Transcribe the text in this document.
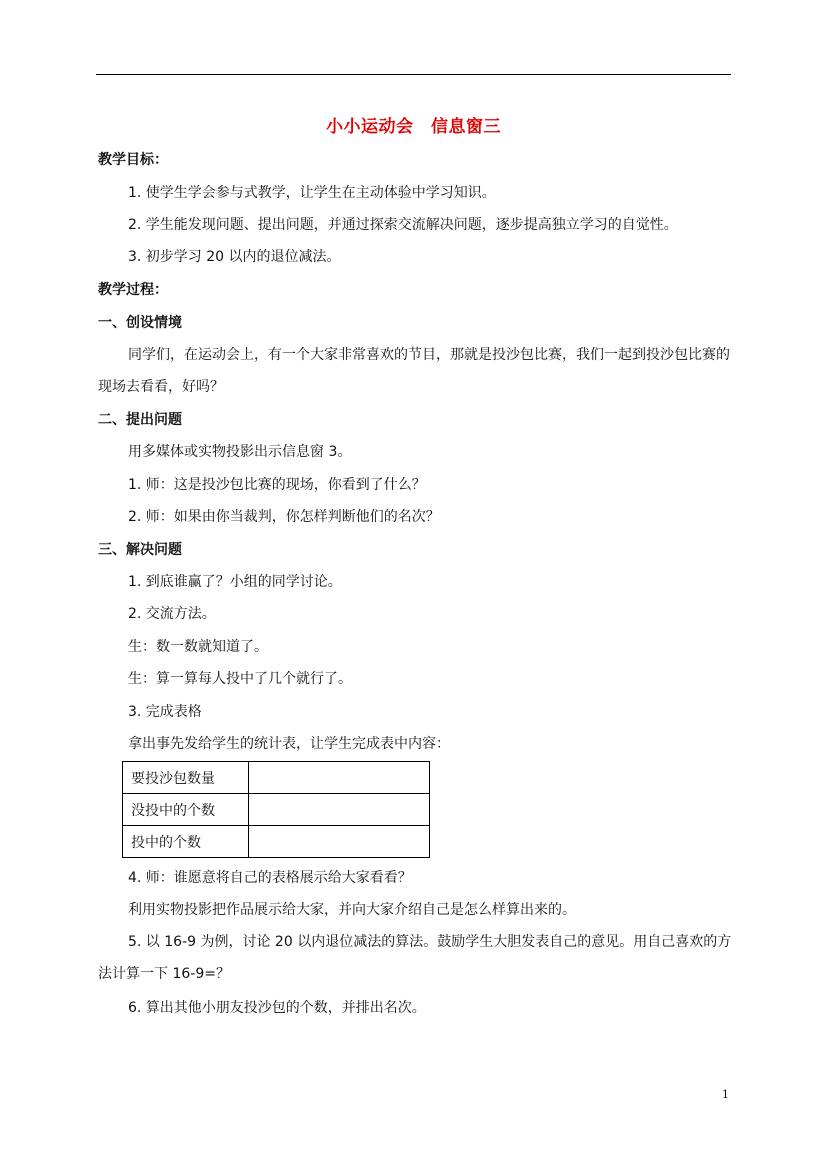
小小运动会　信息窗三
教学目标：
1. 使学生学会参与式教学，让学生在主动体验中学习知识。
2. 学生能发现问题、提出问题，并通过探索交流解决问题，逐步提高独立学习的自觉性。
3. 初步学习 20 以内的退位减法。
教学过程：
一、创设情境
同学们，在运动会上，有一个大家非常喜欢的节目，那就是投沙包比赛，我们一起到投沙包比赛的现场去看看，好吗？
二、提出问题
用多媒体或实物投影出示信息窗 3。
1. 师：这是投沙包比赛的现场，你看到了什么？
2. 师：如果由你当裁判，你怎样判断他们的名次？
三、解决问题
1. 到底谁赢了？小组的同学讨论。
2. 交流方法。
生：数一数就知道了。
生：算一算每人投中了几个就行了。
3. 完成表格
拿出事先发给学生的统计表，让学生完成表中内容：
要投沙包数量	
没投中的个数	
投中的个数	
4. 师：谁愿意将自己的表格展示给大家看看？
利用实物投影把作品展示给大家，并向大家介绍自己是怎么样算出来的。
5. 以 16-9 为例，讨论 20 以内退位减法的算法。鼓励学生大胆发表自己的意见。用自己喜欢的方法计算一下 16-9=？
6. 算出其他小朋友投沙包的个数，并排出名次。
1
